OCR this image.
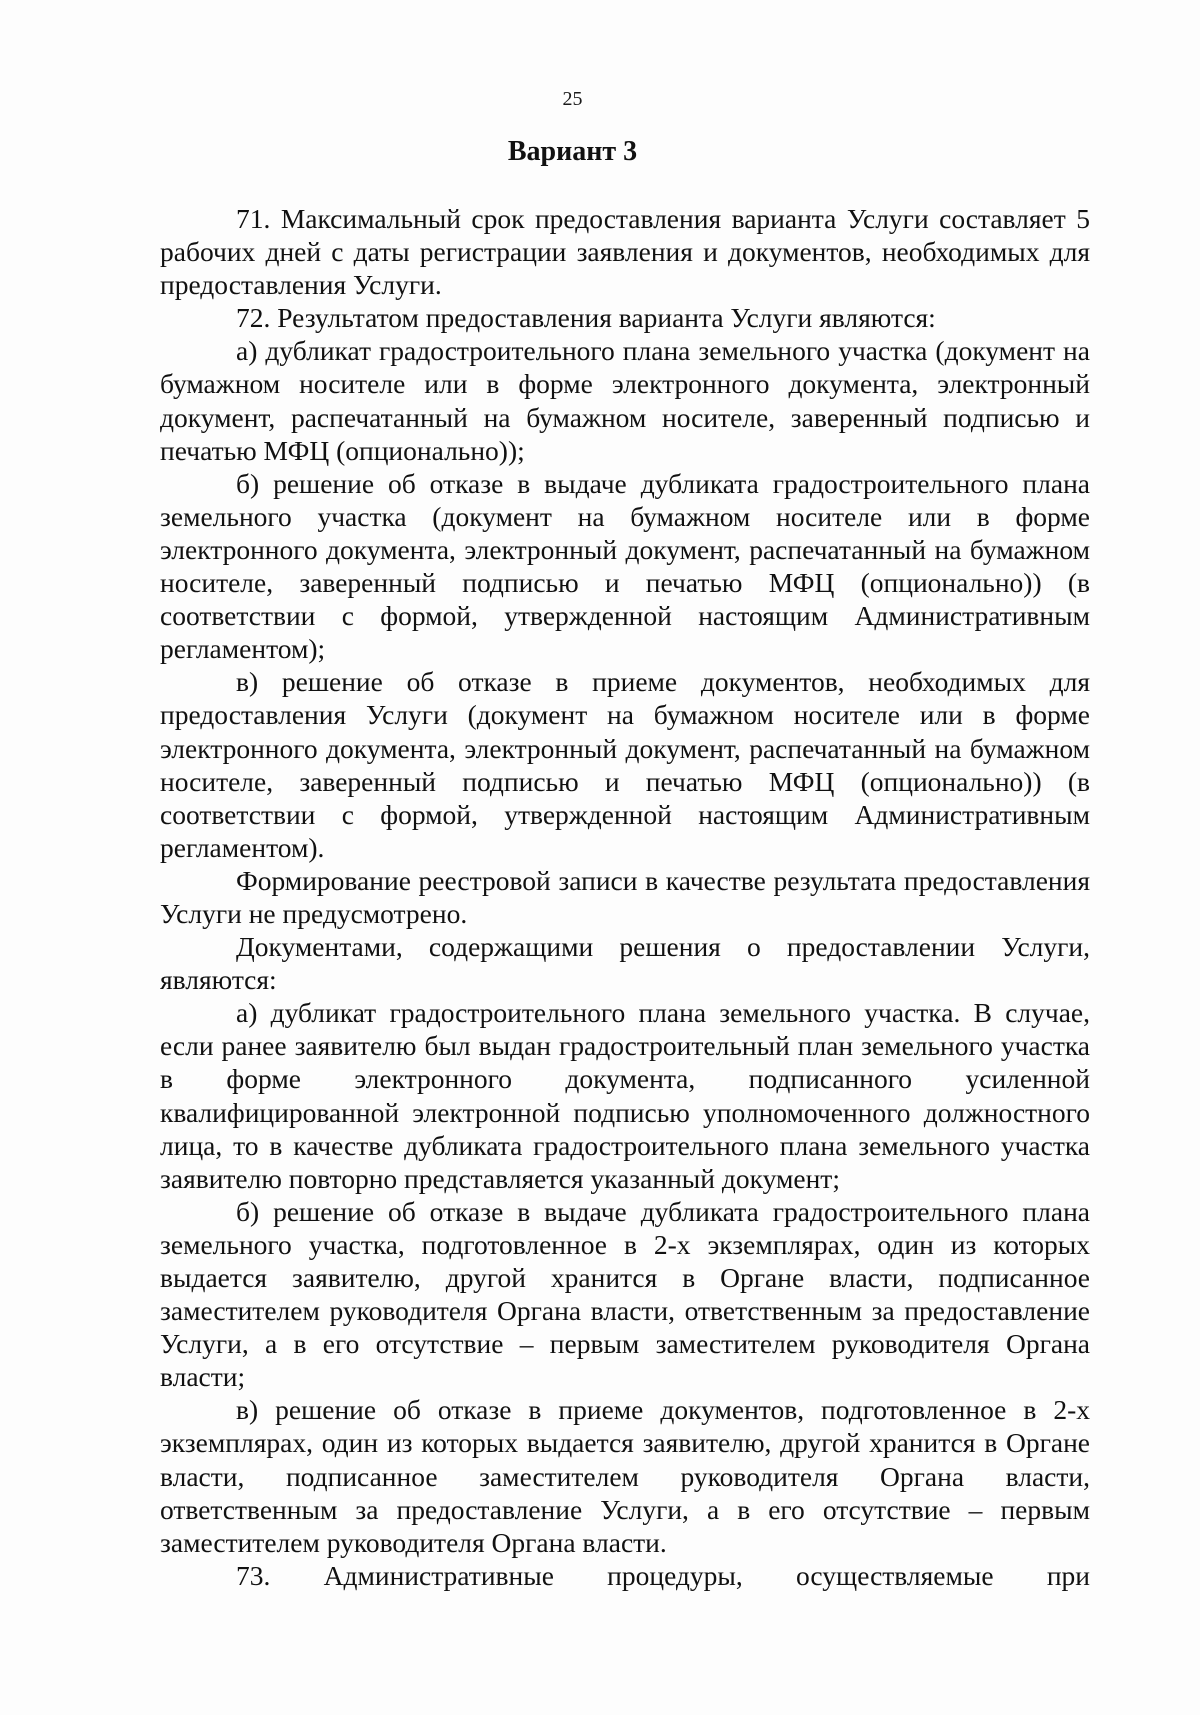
25
Вариант 3

71. Максимальный срок предоставления варианта Услуги составляет 5 рабочих дней с даты регистрации заявления и документов, необходимых для предоставления Услуги.

72. Результатом предоставления варианта Услуги являются:

а) дубликат градостроительного плана земельного участка (документ на бумажном носителе или в форме электронного документа, электронный документ, распечатанный на бумажном носителе, заверенный подписью и печатью МФЦ (опционально));

б) решение об отказе в выдаче дубликата градостроительного плана земельного участка (документ на бумажном носителе или в форме электронного документа, электронный документ, распечатанный на бумажном носителе, заверенный подписью и печатью МФЦ (опционально)) (в соответствии с формой, утвержденной настоящим Административным регламентом);

в) решение об отказе в приеме документов, необходимых для предоставления Услуги (документ на бумажном носителе или в форме электронного документа, электронный документ, распечатанный на бумажном носителе, заверенный подписью и печатью МФЦ (опционально)) (в соответствии с формой, утвержденной настоящим Административным регламентом).

Формирование реестровой записи в качестве результата предоставления Услуги не предусмотрено.

Документами, содержащими решения о предоставлении Услуги, являются:

а) дубликат градостроительного плана земельного участка. В случае, если ранее заявителю был выдан градостроительный план земельного участка в форме электронного документа, подписанного усиленной квалифицированной электронной подписью уполномоченного должностного лица, то в качестве дубликата градостроительного плана земельного участка заявителю повторно представляется указанный документ;

б) решение об отказе в выдаче дубликата градостроительного плана земельного участка, подготовленное в 2-х экземплярах, один из которых выдается заявителю, другой хранится в Органе власти, подписанное заместителем руководителя Органа власти, ответственным за предоставление Услуги, а в его отсутствие – первым заместителем руководителя Органа власти;

в) решение об отказе в приеме документов, подготовленное в 2-х экземплярах, один из которых выдается заявителю, другой хранится в Органе власти, подписанное заместителем руководителя Органа власти, ответственным за предоставление Услуги, а в его отсутствие – первым заместителем руководителя Органа власти.

73. Административные процедуры, осуществляемые при
